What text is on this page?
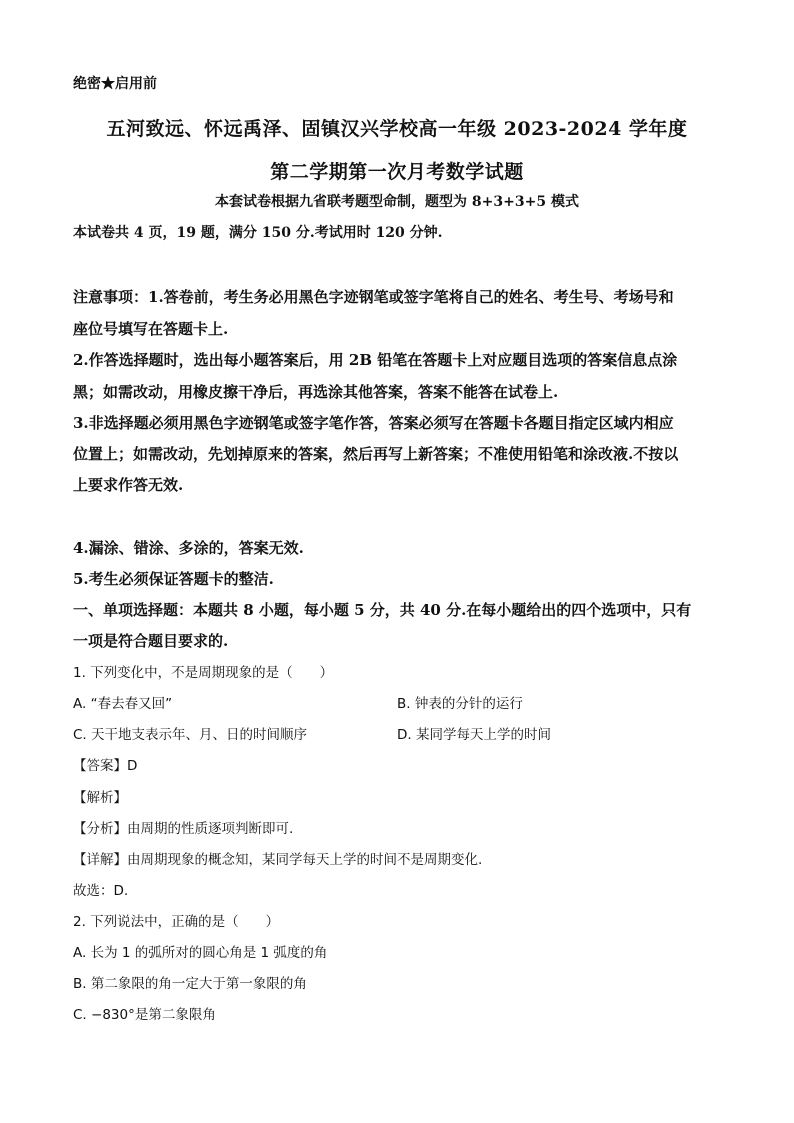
绝密★启用前
五河致远、怀远禹泽、固镇汉兴学校高一年级 2023-2024 学年度
第二学期第一次月考数学试题
本套试卷根据九省联考题型命制，题型为 8+3+3+5 模式
本试卷共 4 页，19 题，满分 150 分.考试用时 120 分钟.
注意事项：1.答卷前，考生务必用黑色字迹钢笔或签字笔将自己的姓名、考生号、考场号和
座位号填写在答题卡上.
2.作答选择题时，选出每小题答案后，用 2B 铅笔在答题卡上对应题目选项的答案信息点涂
黑；如需改动，用橡皮擦干净后，再选涂其他答案，答案不能答在试卷上.
3.非选择题必须用黑色字迹钢笔或签字笔作答，答案必须写在答题卡各题目指定区域内相应
位置上；如需改动，先划掉原来的答案，然后再写上新答案；不准使用铅笔和涂改液.不按以
上要求作答无效.
4.漏涂、错涂、多涂的，答案无效.
5.考生必须保证答题卡的整洁.
一、单项选择题：本题共 8 小题，每小题 5 分，共 40 分.在每小题给出的四个选项中，只有
一项是符合题目要求的.
1. 下列变化中，不是周期现象的是（　　）
A. “春去春又回”	B. 钟表的分针的运行
C. 天干地支表示年、月、日的时间顺序	D. 某同学每天上学的时间
【答案】D
【解析】
【分析】由周期的性质逐项判断即可.
【详解】由周期现象的概念知，某同学每天上学的时间不是周期变化.
故选：D.
2. 下列说法中，正确的是（　　）
A. 长为 1 的弧所对的圆心角是 1 弧度的角
B. 第二象限的角一定大于第一象限的角
C. −830°是第二象限角
